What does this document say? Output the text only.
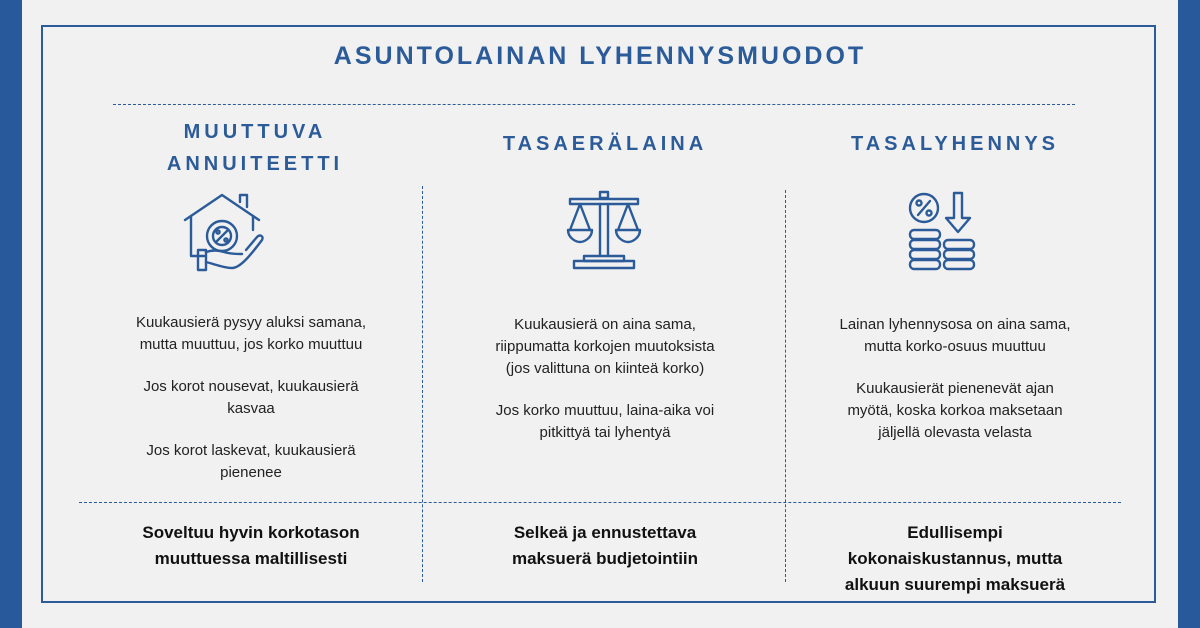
ASUNTOLAINAN LYHENNYSMUODOT
MUUTTUVA
ANNUITEETTI

Kuukausierä pysyy aluksi samana,
mutta muuttuu, jos korko muuttuu

Jos korot nousevat, kuukausierä
kasvaa

Jos korot laskevat, kuukausierä
pienenee

Soveltuu hyvin korkotason
muuttuessa maltillisesti
TASAERÄLAINA

Kuukausierä on aina sama,
riippumatta korkojen muutoksista
(jos valittuna on kiinteä korko)

Jos korko muuttuu, laina-aika voi
pitkittyä tai lyhentyä

Selkeä ja ennustettava
maksuerä budjetointiin
TASALYHENNYS

Lainan lyhennysosa on aina sama,
mutta korko-osuus muuttuu

Kuukausierät pienenevät ajan
myötä, koska korkoa maksetaan
jäljellä olevasta velasta

Edullisempi
kokonaiskustannus, mutta
alkuun suurempi maksuerä
